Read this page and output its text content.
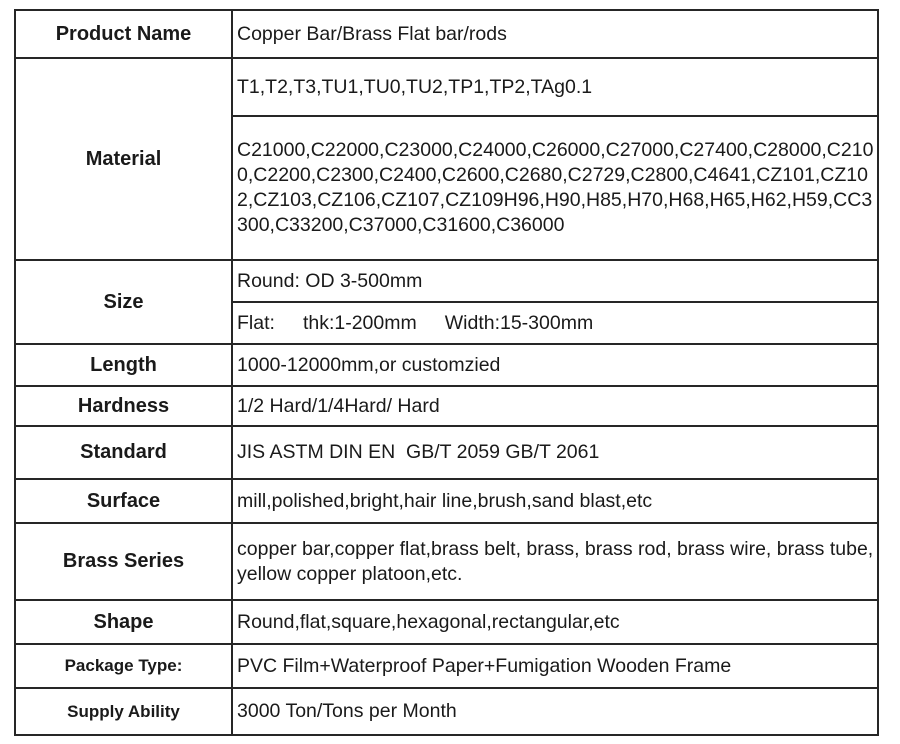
Product Name	Copper Bar/Brass Flat bar/rods
Material	T1,T2,T3,TU1,TU0,TU2,TP1,TP2,TAg0.1
	C21000,C22000,C23000,C24000,C26000,C27000,C27400,C28000,C2100,C2200,C2300,C2400,C2600,C2680,C2729,C2800,C4641,CZ101,CZ102,CZ103,CZ106,CZ107,CZ109H96,H90,H85,H70,H68,H65,H62,H59,CC3300,C33200,C37000,C31600,C36000
Size	Round: OD 3-500mm
	Flat: thk:1-200mm Width:15-300mm
Length	1000-12000mm,or customzied
Hardness	1/2 Hard/1/4Hard/ Hard
Standard	JIS ASTM DIN EN  GB/T 2059 GB/T 2061
Surface	mill,polished,bright,hair line,brush,sand blast,etc
Brass Series	copper bar,copper flat,brass belt, brass, brass rod, brass wire, brass tube, yellow copper platoon,etc.
Shape	Round,flat,square,hexagonal,rectangular,etc
Package Type:	PVC Film+Waterproof Paper+Fumigation Wooden Frame
Supply Ability	3000 Ton/Tons per Month
